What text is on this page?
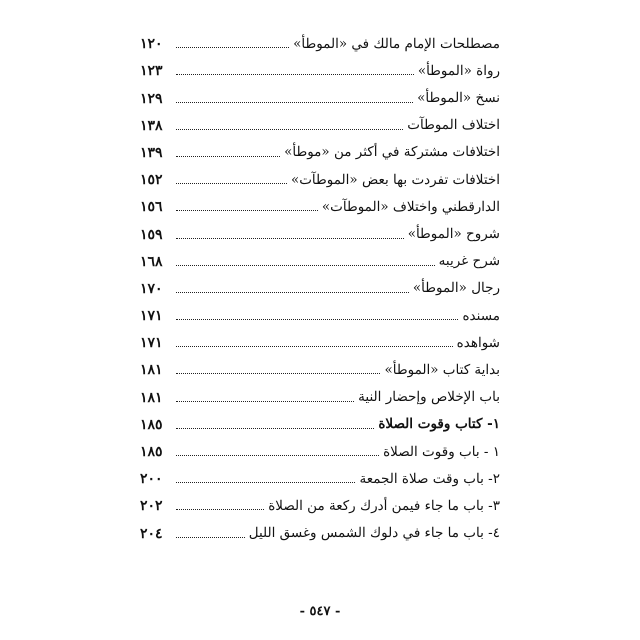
مصطلحات الإمام مالك في «الموطأ»
١٢٠
رواة «الموطأ»
١٢٣
نسخ «الموطأ»
١٢٩
اختلاف الموطآت
١٣٨
اختلافات مشتركة في أكثر من «موطأ»
١٣٩
اختلافات تفردت بها بعض «الموطآت»
١٥٢
الدارقطني واختلاف «الموطآت»
١٥٦
شروح «الموطأ»
١٥٩
شرح غريبه
١٦٨
رجال «الموطأ»
١٧٠
مسنده
١٧١
شواهده
١٧١
بداية كتاب «الموطأ»
١٨١
باب الإخلاص وإحضار النية
١٨١
١- كتاب وقوت الصلاة
١٨٥
١ - باب وقوت الصلاة
١٨٥
٢- باب وقت صلاة الجمعة
٢٠٠
٣- باب ما جاء فيمن أدرك ركعة من الصلاة
٢٠٢
٤- باب ما جاء في دلوك الشمس وغسق الليل
٢٠٤
- ٥٤٧ -
